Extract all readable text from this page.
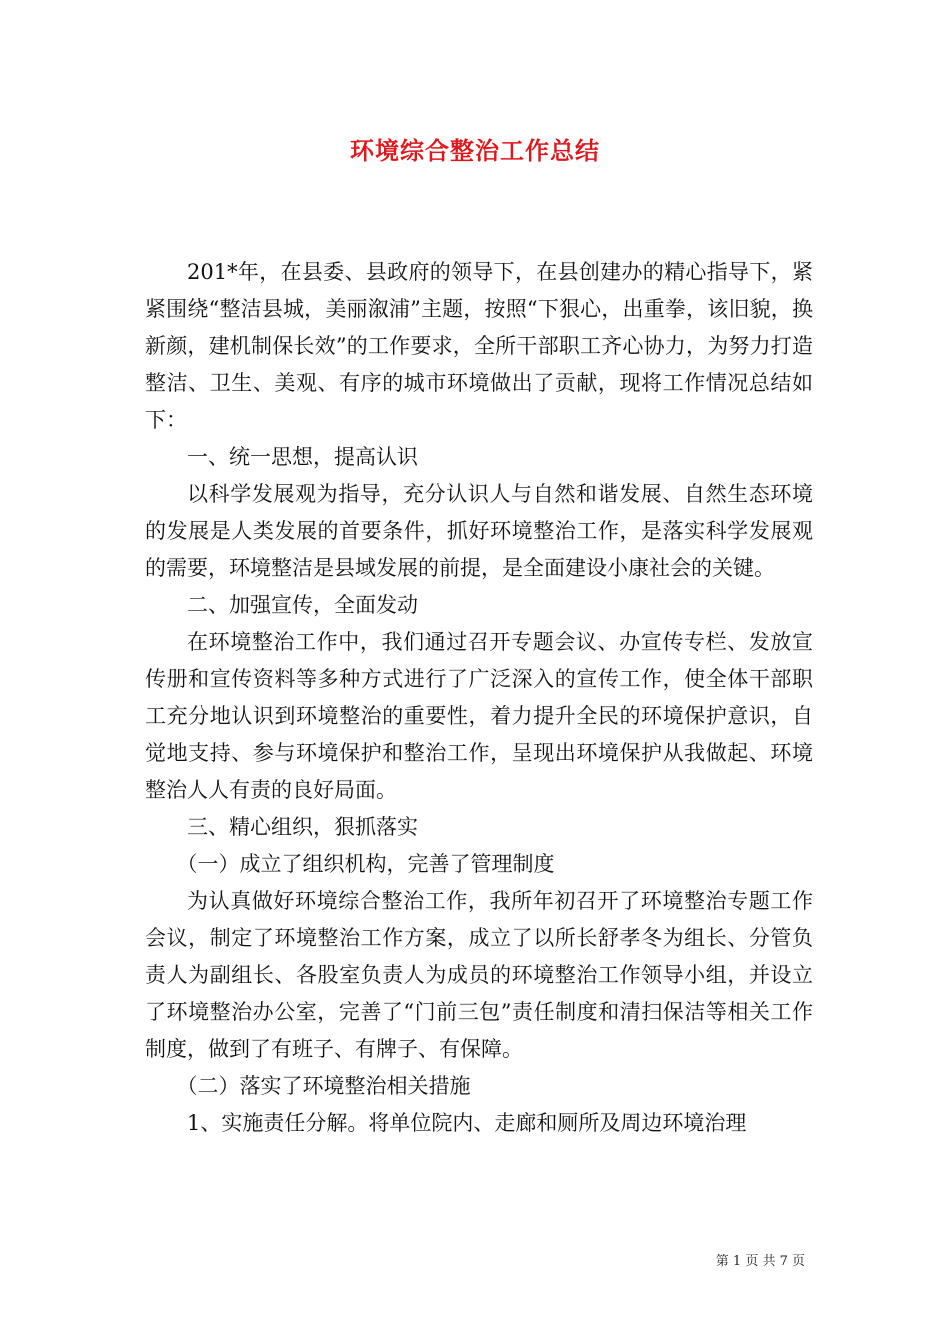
环境综合整治工作总结

201*年，在县委、县政府的领导下，在县创建办的精心指导下，紧紧围绕“整洁县城，美丽溆浦”主题，按照“下狠心，出重拳，该旧貌，换新颜，建机制保长效”的工作要求，全所干部职工齐心协力，为努力打造整洁、卫生、美观、有序的城市环境做出了贡献，现将工作情况总结如下：

一、统一思想，提高认识

以科学发展观为指导，充分认识人与自然和谐发展、自然生态环境的发展是人类发展的首要条件，抓好环境整治工作，是落实科学发展观的需要，环境整洁是县域发展的前提，是全面建设小康社会的关键。

二、加强宣传，全面发动

在环境整治工作中，我们通过召开专题会议、办宣传专栏、发放宣传册和宣传资料等多种方式进行了广泛深入的宣传工作，使全体干部职工充分地认识到环境整治的重要性，着力提升全民的环境保护意识，自觉地支持、参与环境保护和整治工作，呈现出环境保护从我做起、环境整治人人有责的良好局面。

三、精心组织，狠抓落实

（一）成立了组织机构，完善了管理制度

为认真做好环境综合整治工作，我所年初召开了环境整治专题工作会议，制定了环境整治工作方案，成立了以所长舒孝冬为组长、分管负责人为副组长、各股室负责人为成员的环境整治工作领导小组，并设立了环境整治办公室，完善了“门前三包”责任制度和清扫保洁等相关工作制度，做到了有班子、有牌子、有保障。

（二）落实了环境整治相关措施

1、实施责任分解。将单位院内、走廊和厕所及周边环境治理

第 1 页 共 7 页
